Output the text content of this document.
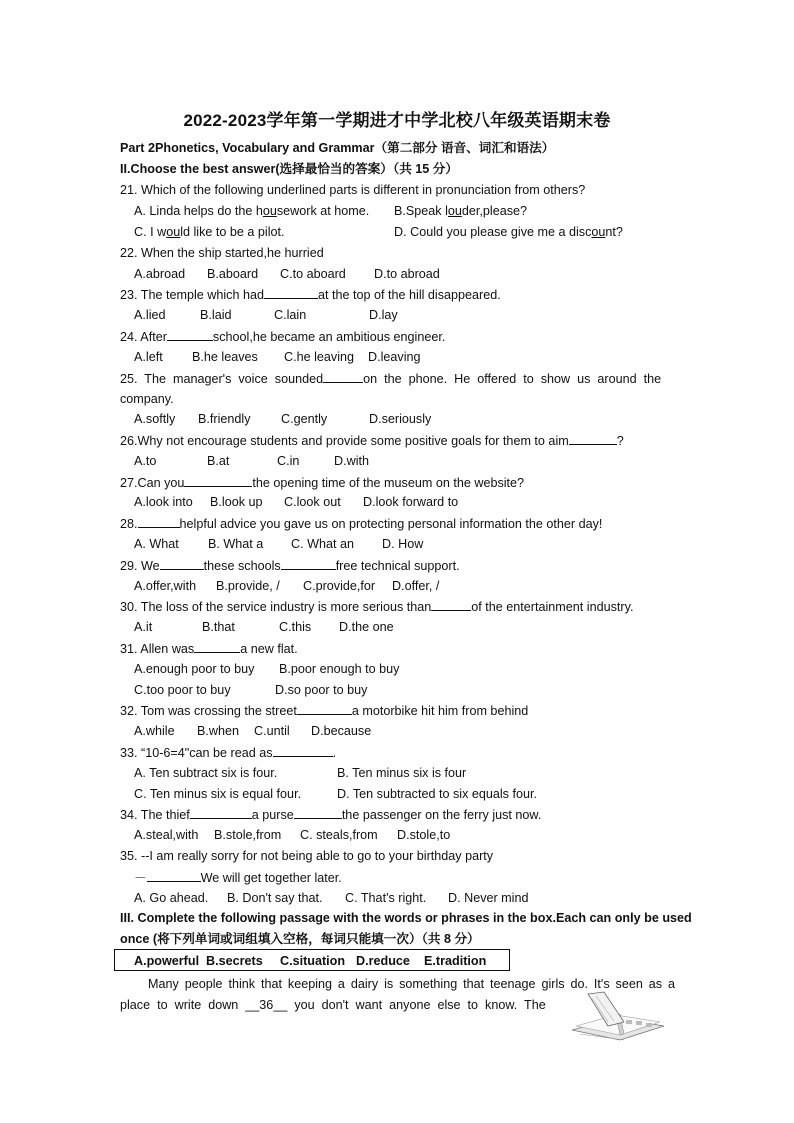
2022-2023学年第一学期进才中学北校八年级英语期末卷
Part 2Phonetics, Vocabulary and Grammar（第二部分 语音、词汇和语法）
II.Choose the best answer(选择最恰当的答案）（共 15 分）
21. Which of the following underlined parts is different in pronunciation from others?
A. Linda helps do the housework at home. B.Speak louder,please?
C. I would like to be a pilot.	D. Could you please give me a discount?
22. When the ship started,he hurried
A.abroad B.aboard C.to aboard D.to abroad
23. The temple which had	at the top of the hill disappeared.
A.lied	B.laid	C.lain	D.lay
24. After	school,he became an ambitious engineer.
A.left B.he leaves C.he leaving D.leaving
25.  The  manager's  voice  sounded	on  the  phone.  He  offered  to  show  us  around  the
company.
A.softly B.friendly C.gently	D.seriously
26.Why not encourage students and provide some positive goals for them to aim	?
A.to	B.at	C.in	D.with
27.Can you	the opening time of the museum on the website?
A.look into B.look up C.look out D.look forward to
28.	helpful advice you gave us on protecting personal information the other day!
A. What B. What a C. What an D. How
29. We	these schools	free technical support.
A.offer,with B.provide, / C.provide,for D.offer, /
30. The loss of the service industry is more serious than	of the entertainment industry.
A.it	B.that	C.this D.the one
31. Allen was	a new flat.
A.enough poor to buy B.poor enough to buy
C.too poor to buy	D.so poor to buy
32. Tom was crossing the street	a motorbike hit him from behind
A.while B.when C.until D.because
33. “10-6=4"can be read as	.
A. Ten subtract six is four.	B. Ten minus six is four
C. Ten minus six is equal four.	D. Ten subtracted to six equals four.
34. The thief	a purse	the passenger on the ferry just now.
A.steal,with B.stole,from C. steals,from D.stole,to
35. --I am really sorry for not being able to go to your birthday party
－	We will get together later.
A. Go ahead. B. Don't say that. C. That's right. D. Never mind
III. Complete the following passage with the words or phrases in the box.Each can only be used
once (将下列单词或词组填入空格，每词只能填一次）（共 8 分）
A.powerful B.secrets C.situation D.reduce E.tradition
Many people think that keeping a dairy is something that teenage girls do. It's seen as a
place  to  write  down  __36__  you  don't  want  anyone  else  to  know.  The
